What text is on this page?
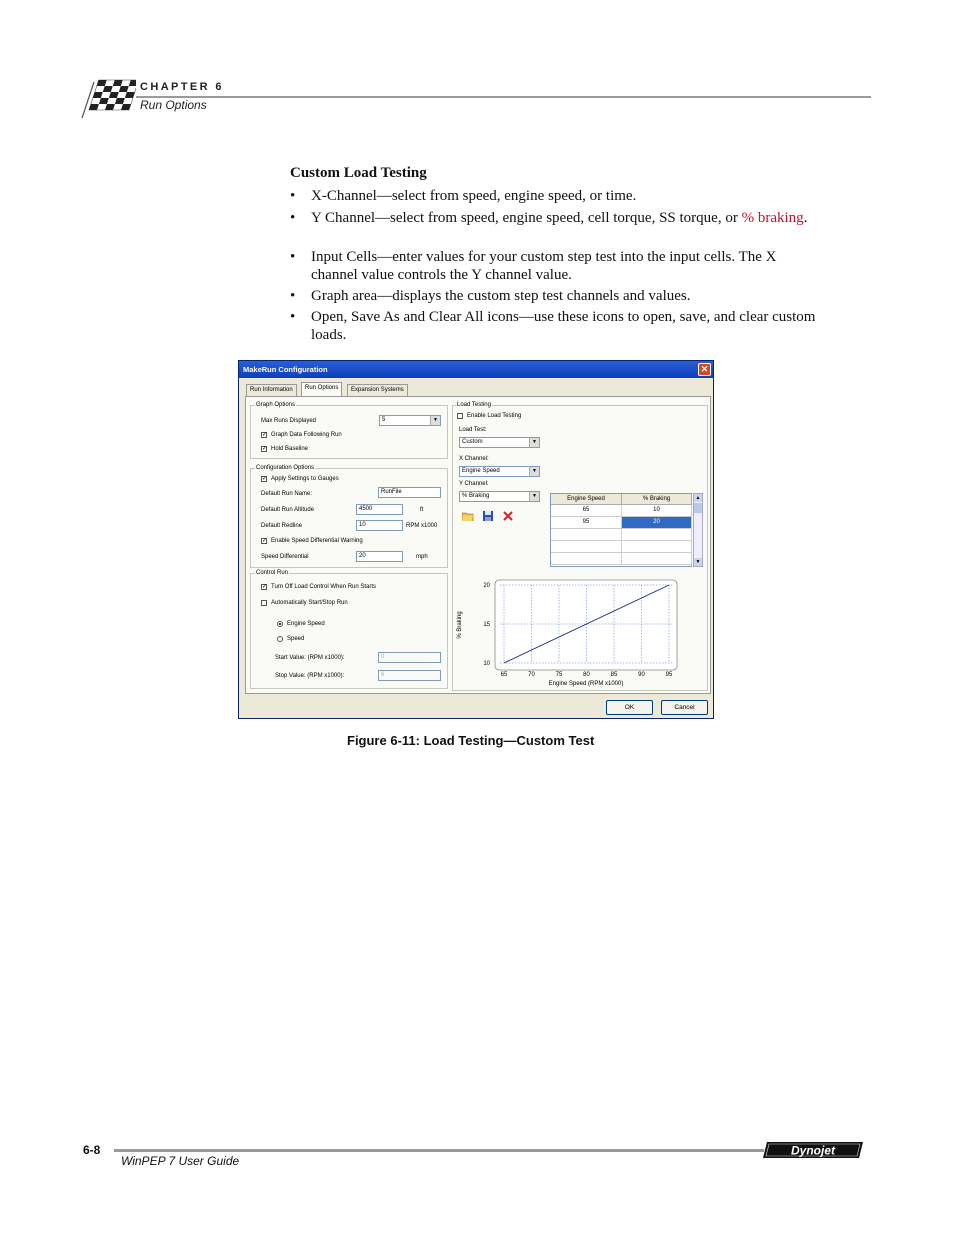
CHAPTER 6
Run Options
Custom Load Testing
• X-Channel—select from speed, engine speed, or time.
• Y Channel—select from speed, engine speed, cell torque, SS torque, or % braking.
• Input Cells—enter values for your custom step test into the input cells. The X channel value controls the Y channel value.
• Graph area—displays the custom step test channels and values.
• Open, Save As and Clear All icons—use these icons to open, save, and clear custom loads.
MakeRun Configuration	✕
Run Information	Run Options	Expansion Systems
Graph Options
Max Runs Displayed	5	▼
✓ Graph Data Following Run
✓ Hold Baseline
Configuration Options
✓ Apply Settings to Gauges
Default Run Name:	RunFile
Default Run Altitude	4500	ft
Default Redline	10	RPM x1000
✓ Enable Speed Differential Warning
Speed Differential	20	mph
Control Run
✓ Turn Off Load Control When Run Starts
Automatically Start/Stop Run
Engine Speed
Speed
Start Value: (RPM x1000):	0
Stop Value: (RPM x1000):	6
Load Testing
Enable Load Testing
Load Test:
Custom	▼
X Channel:
Engine Speed	▼
Y Channel:
% Braking	▼	Engine Speed	% Braking
65	10
95	20
▲
▼
65	70	75	80	85	90	95
10
15
20
Engine Speed (RPM x1000)
% Braking
OK	Cancel
Figure 6-11: Load Testing—Custom Test
6-8
WinPEP 7 User Guide
Dynojet
